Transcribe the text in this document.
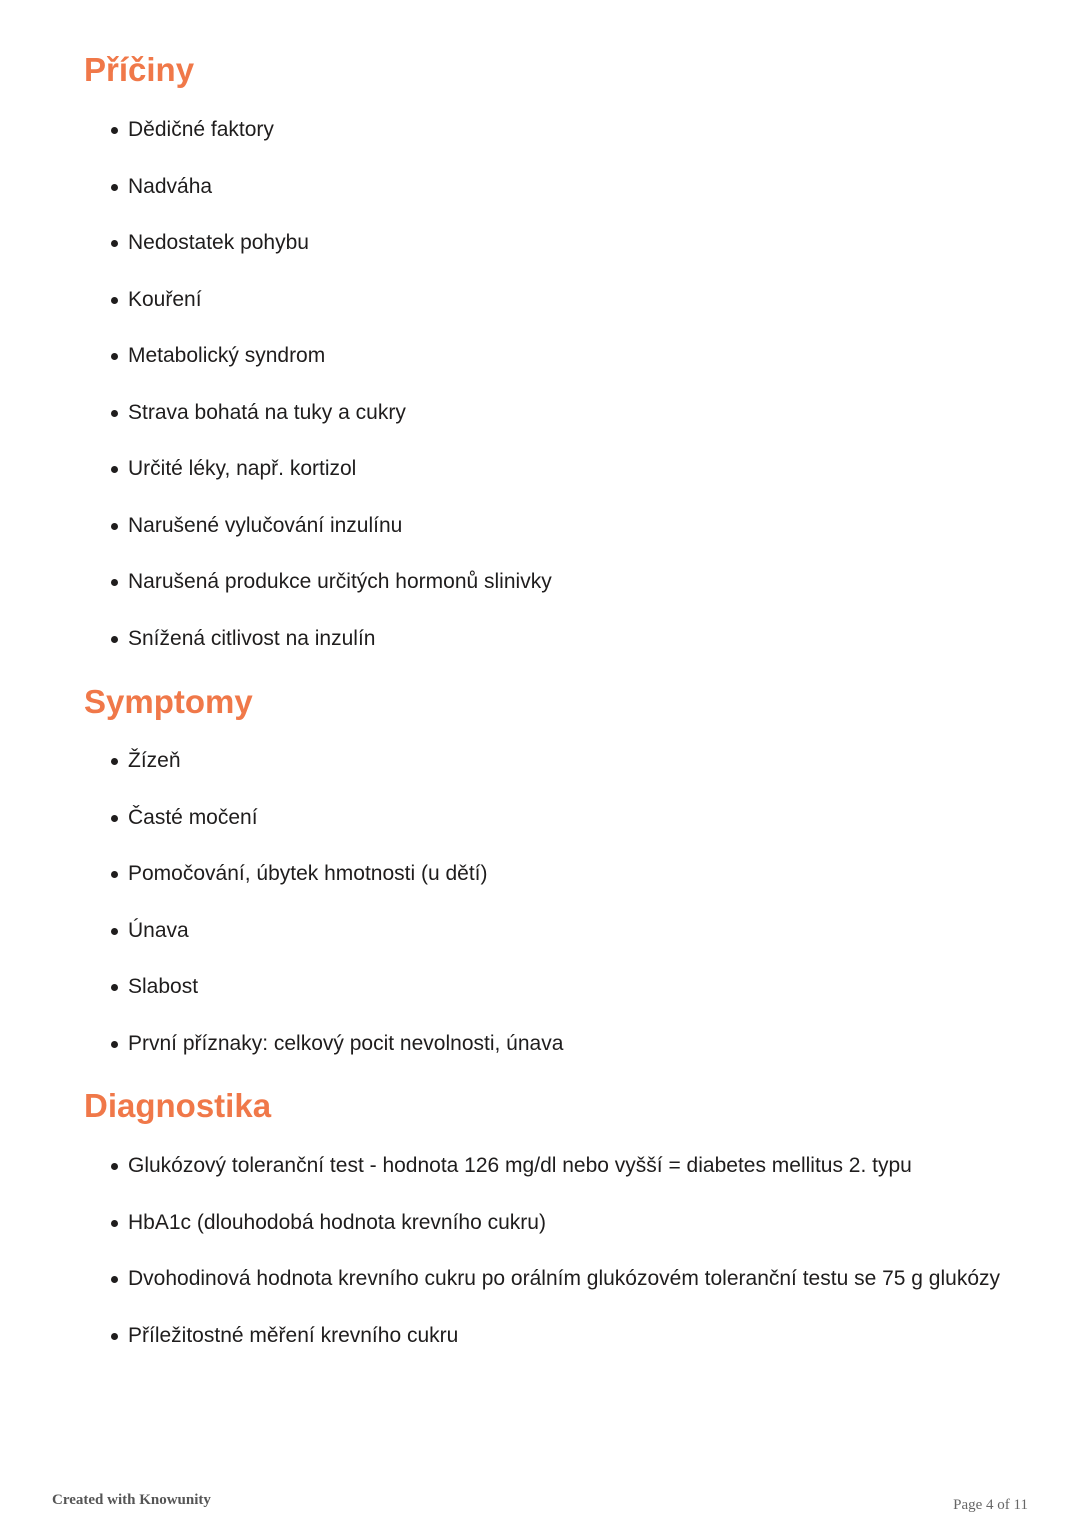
Příčiny
Dědičné faktory
Nadváha
Nedostatek pohybu
Kouření
Metabolický syndrom
Strava bohatá na tuky a cukry
Určité léky, např. kortizol
Narušené vylučování inzulínu
Narušená produkce určitých hormonů slinivky
Snížená citlivost na inzulín
Symptomy
Žízeň
Časté močení
Pomočování, úbytek hmotnosti (u dětí)
Únava
Slabost
První příznaky: celkový pocit nevolnosti, únava
Diagnostika
Glukózový toleranční test - hodnota 126 mg/dl nebo vyšší = diabetes mellitus 2. typu
HbA1c (dlouhodobá hodnota krevního cukru)
Dvohodinová hodnota krevního cukru po orálním glukózovém toleranční testu se 75 g glukózy
Příležitostné měření krevního cukru
Created with Knowunity	Page 4 of 11
